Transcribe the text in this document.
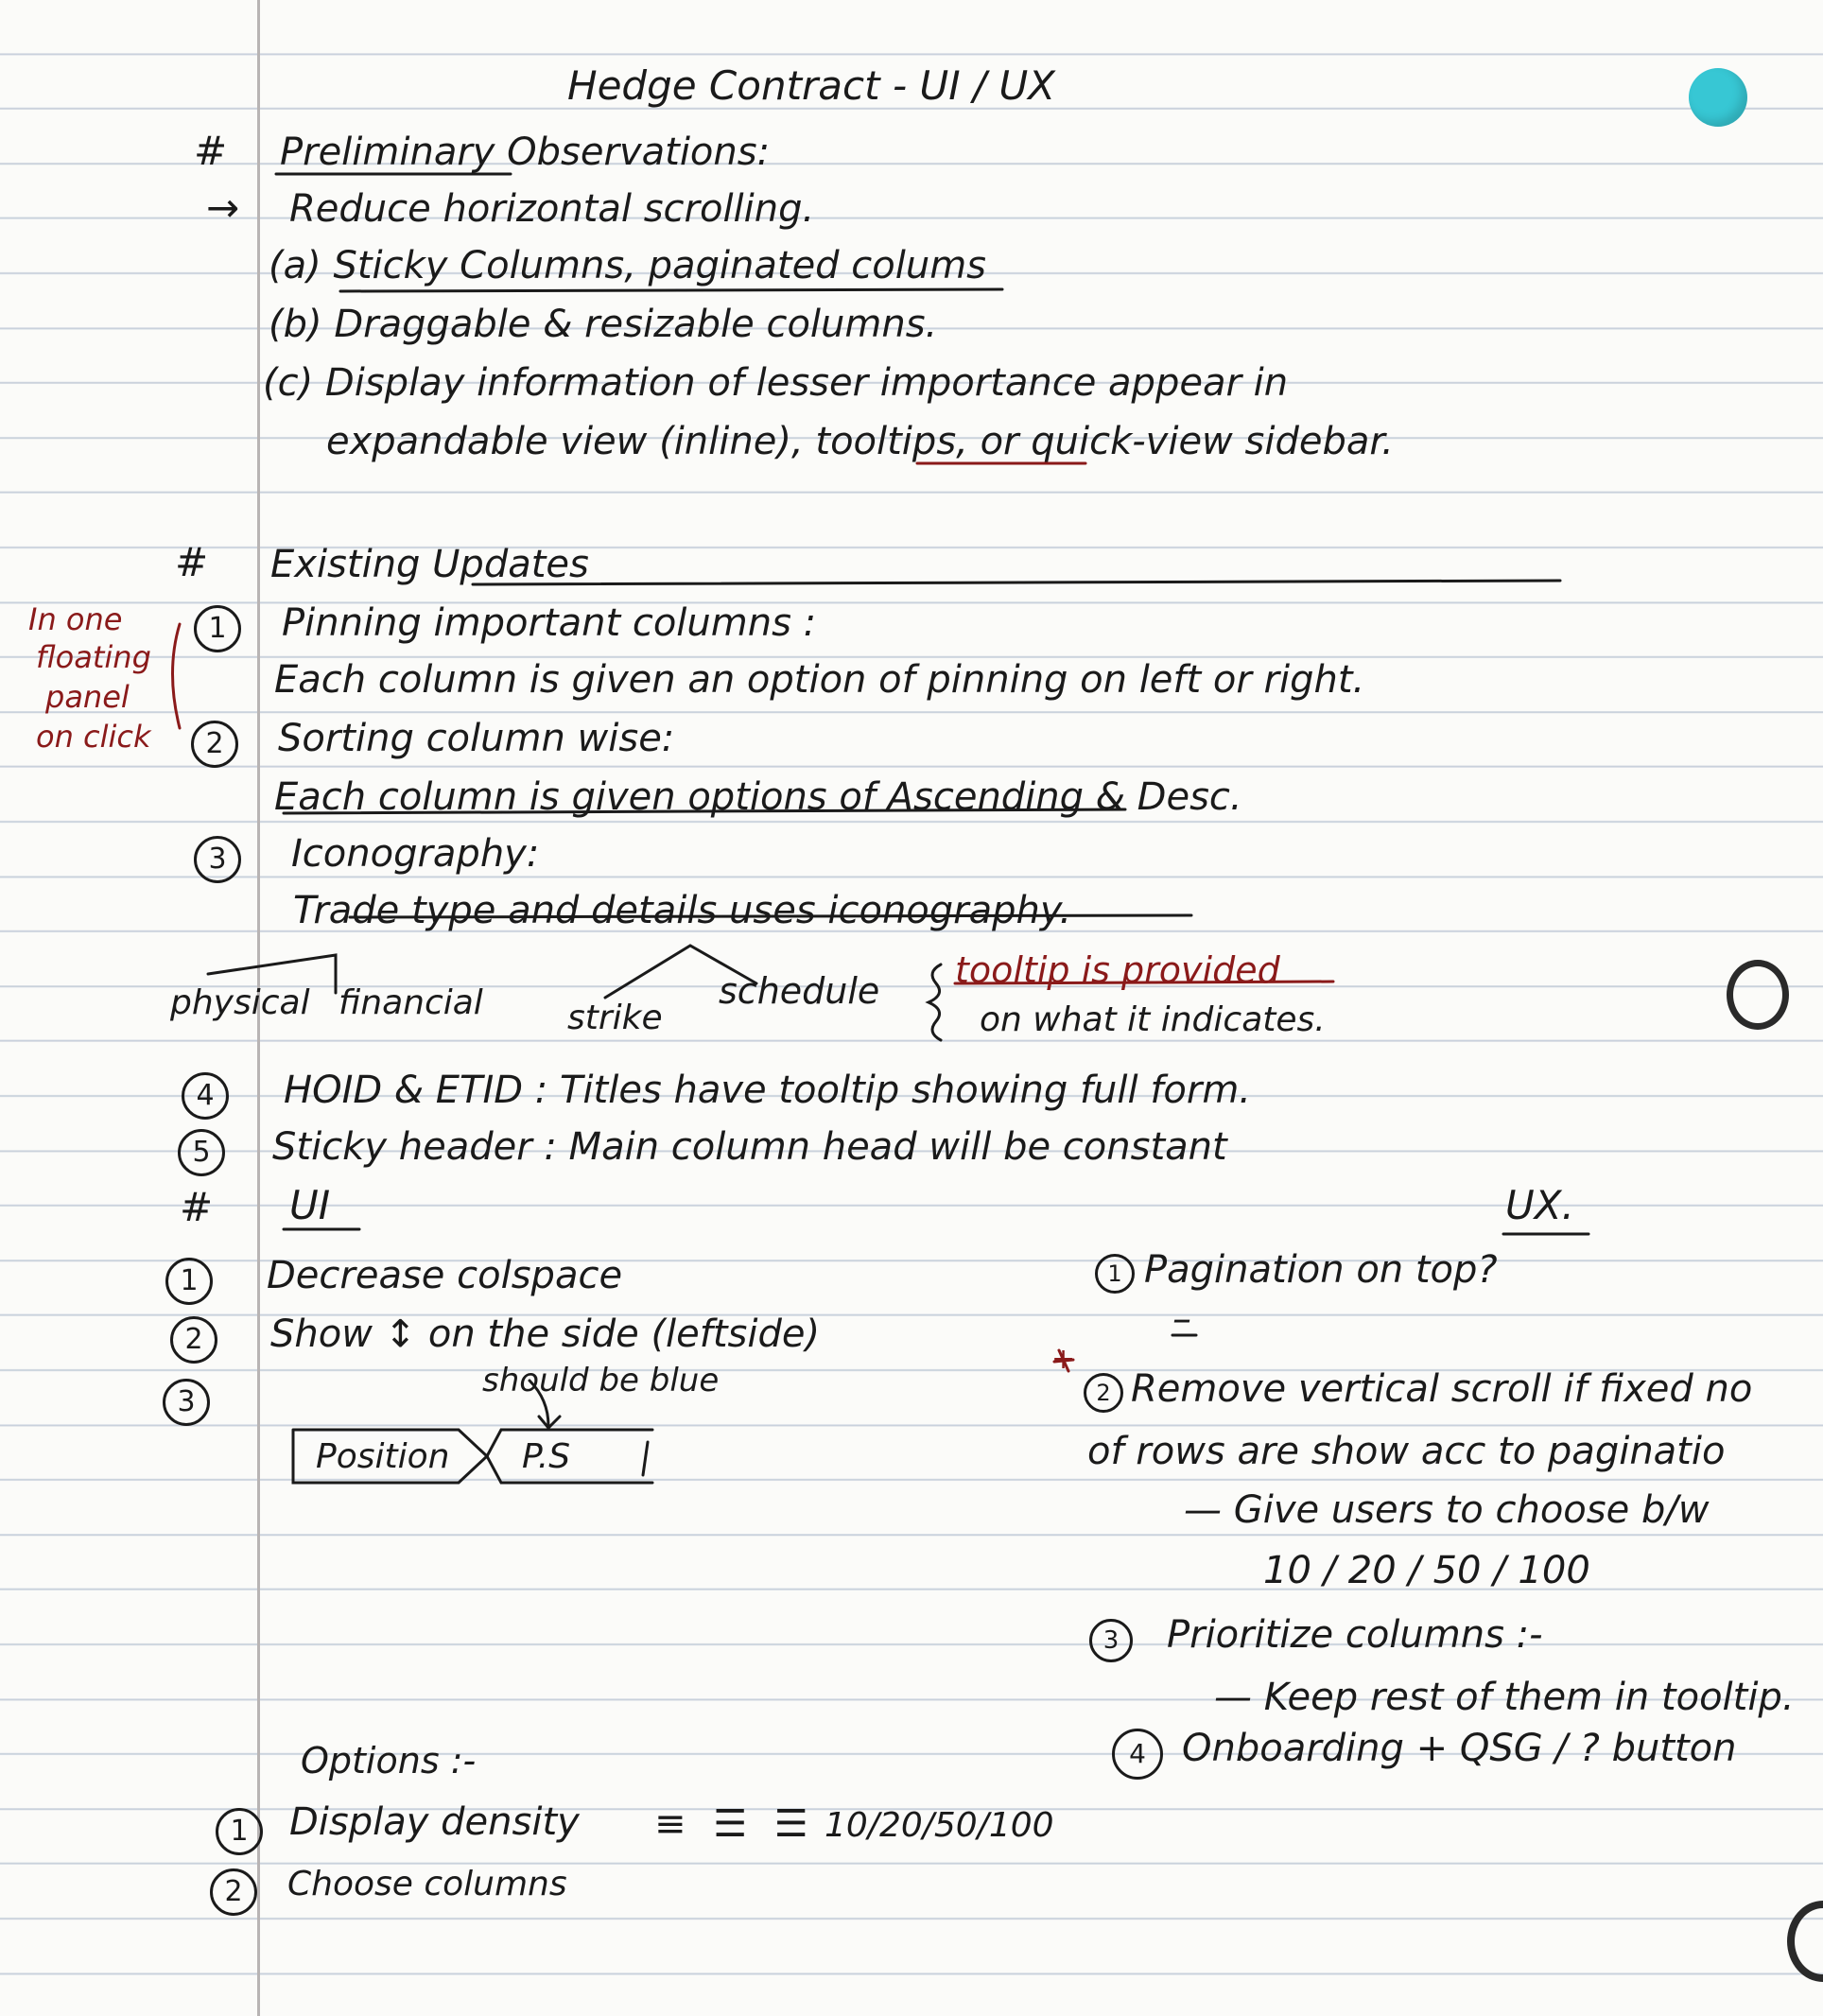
Hedge Contract - UI / UX
# Preliminary Observations:
→ Reduce horizontal scrolling.
(a) Sticky Columns, paginated colums
(b) Draggable & resizable columns.
(c) Display information of lesser importance appear in
expandable view (inline), tooltips, or quick-view sidebar.
# Existing Updates
In one
floating
panel
on click
1	Pinning important columns :
Each column is given an option of pinning on left or right.
2	Sorting column wise:
Each column is given options of Ascending & Desc.
3	Iconography:
Trade type and details uses iconography.
physical financial strike
schedule tooltip is provided
on what it indicates.
4	HOID & ETID : Titles have tooltip showing full form.
5	Sticky header : Main column head will be constant
# UI	UX.
1	Decrease colspace
2	Show ↕ on the side (leftside)
3
should be blue
Position P.S
1 Pagination on top?
–
+
2 Remove vertical scroll if fixed no
of rows are show acc to paginatio
— Give users to choose b/w
10 / 20 / 50 / 100
3	Prioritize columns :-
— Keep rest of them in tooltip.
4 Onboarding + QSG / ? button
Options :-
1	Display density ≡ ☰ ☰ 10/20/50/100
2	Choose columns
